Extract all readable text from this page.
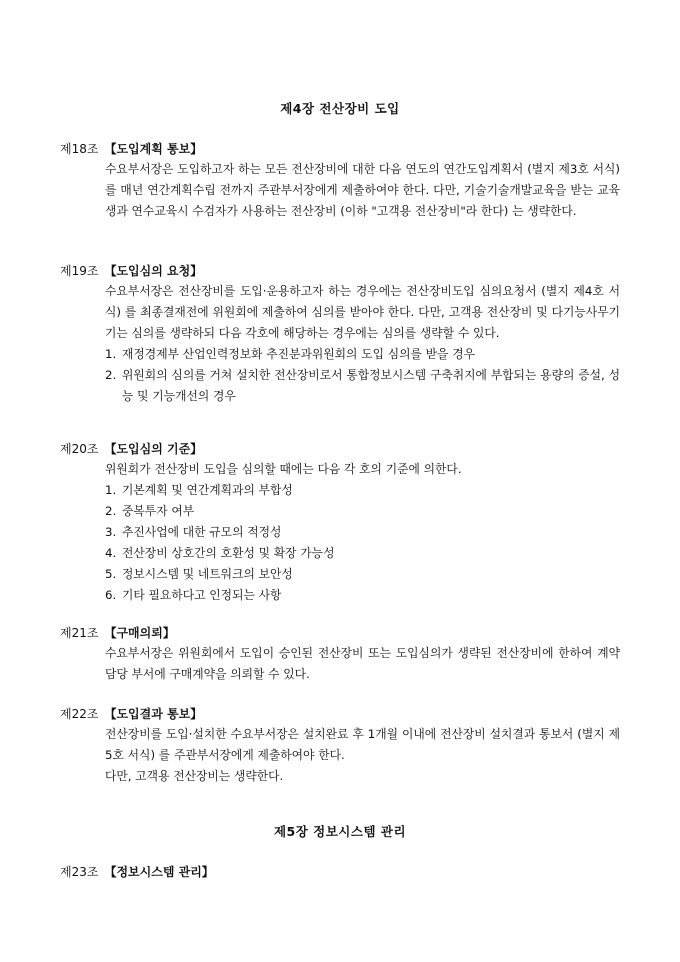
제4장 전산장비 도입
제18조 【도입계획 통보】

수요부서장은 도입하고자 하는 모든 전산장비에 대한 다음 연도의 연간도입계획서 (별지 제3호 서식) 를 매년 연간계획수립 전까지 주관부서장에게 제출하여야 한다. 다만, 기술기술개발교육을 받는 교육생과 연수교육시 수검자가 사용하는 전산장비 (이하 "고객용 전산장비"라 한다) 는 생략한다.

제19조 【도입심의 요청】

수요부서장은 전산장비를 도입·운용하고자 하는 경우에는 전산장비도입 심의요청서 (별지 제4호 서식) 를 최종결재전에 위원회에 제출하여 심의를 받아야 한다. 다만, 고객용 전산장비 및 다기능사무기기는 심의를 생략하되 다음 각호에 해당하는 경우에는 심의를 생략할 수 있다.

1. 재정경제부 산업인력정보화 추진분과위원회의 도입 심의를 받을 경우

2. 위원회의 심의를 거쳐 설치한 전산장비로서 통합정보시스템 구축취지에 부합되는 용량의 증설, 성능 및 기능개선의 경우

제20조 【도입심의 기준】

위원회가 전산장비 도입을 심의할 때에는 다음 각 호의 기준에 의한다.

1. 기본계획 및 연간계획과의 부합성

2. 중복투자 여부

3. 추진사업에 대한 규모의 적정성

4. 전산장비 상호간의 호환성 및 확장 가능성

5. 정보시스템 및 네트워크의 보안성

6. 기타 필요하다고 인정되는 사항

제21조 【구매의뢰】

수요부서장은 위원회에서 도입이 승인된 전산장비 또는 도입심의가 생략된 전산장비에 한하여 계약담당 부서에 구매계약을 의뢰할 수 있다.

제22조 【도입결과 통보】

전산장비를 도입·설치한 수요부서장은 설치완료 후 1개월 이내에 전산장비 설치결과 통보서 (별지 제5호 서식) 를 주관부서장에게 제출하여야 한다.

다만, 고객용 전산장비는 생략한다.

제5장 정보시스템 관리
제23조 【정보시스템 관리】
